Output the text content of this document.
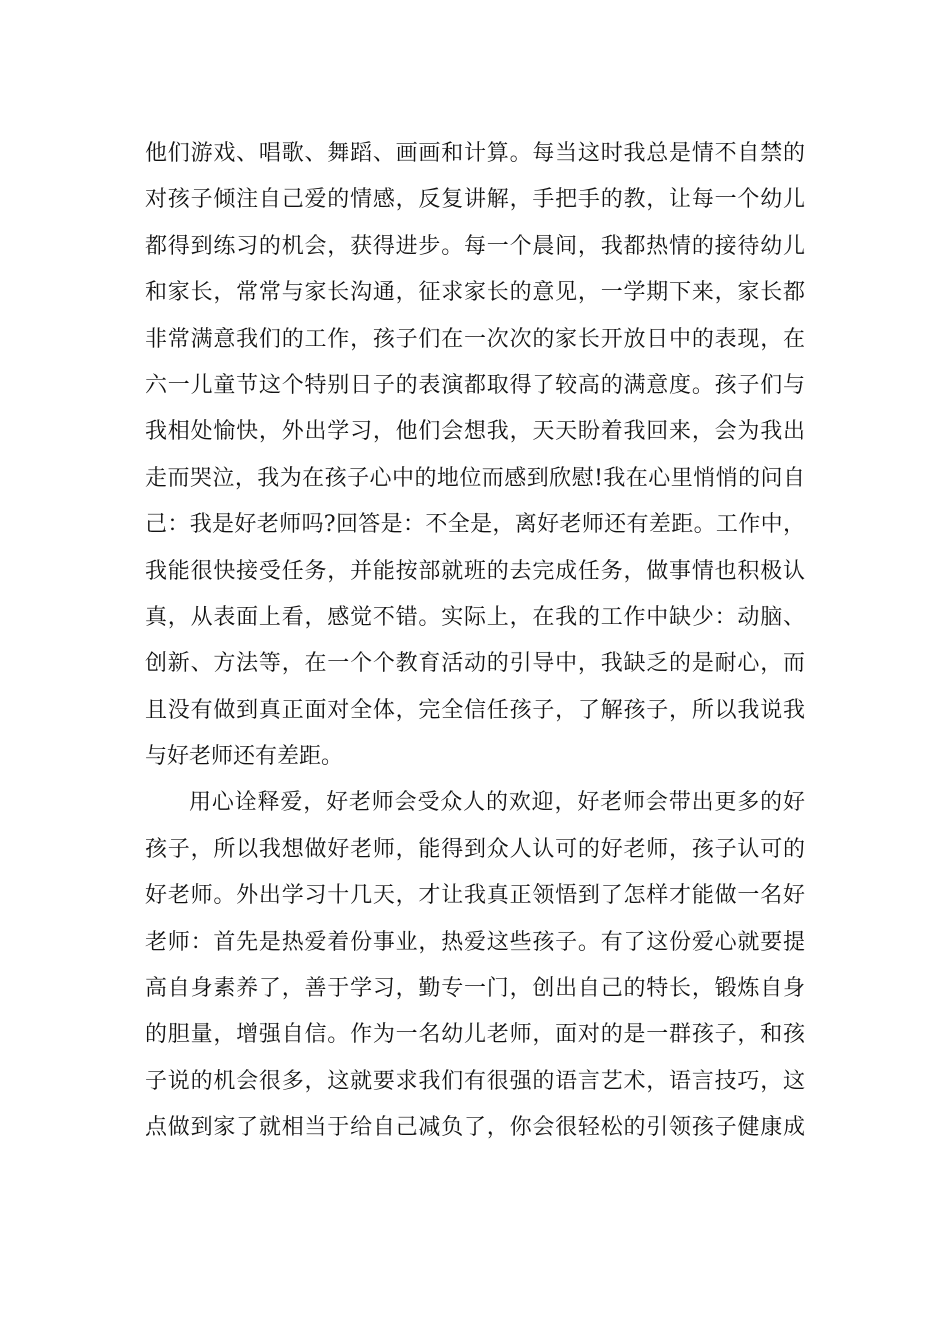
他们游戏、唱歌、舞蹈、画画和计算。每当这时我总是情不自禁的
对孩子倾注自己爱的情感，反复讲解，手把手的教，让每一个幼儿
都得到练习的机会，获得进步。每一个晨间，我都热情的接待幼儿
和家长，常常与家长沟通，征求家长的意见，一学期下来，家长都
非常满意我们的工作，孩子们在一次次的家长开放日中的表现，在
六一儿童节这个特别日子的表演都取得了较高的满意度。孩子们与
我相处愉快，外出学习，他们会想我，天天盼着我回来，会为我出
走而哭泣，我为在孩子心中的地位而感到欣慰!我在心里悄悄的问自
己：我是好老师吗?回答是：不全是，离好老师还有差距。工作中，
我能很快接受任务，并能按部就班的去完成任务，做事情也积极认
真，从表面上看，感觉不错。实际上，在我的工作中缺少：动脑、
创新、方法等，在一个个教育活动的引导中，我缺乏的是耐心，而
且没有做到真正面对全体，完全信任孩子，了解孩子，所以我说我
与好老师还有差距。
用心诠释爱，好老师会受众人的欢迎，好老师会带出更多的好
孩子，所以我想做好老师，能得到众人认可的好老师，孩子认可的
好老师。外出学习十几天，才让我真正领悟到了怎样才能做一名好
老师：首先是热爱着份事业，热爱这些孩子。有了这份爱心就要提
高自身素养了，善于学习，勤专一门，创出自己的特长，锻炼自身
的胆量，增强自信。作为一名幼儿老师，面对的是一群孩子，和孩
子说的机会很多，这就要求我们有很强的语言艺术，语言技巧，这
点做到家了就相当于给自己减负了，你会很轻松的引领孩子健康成
